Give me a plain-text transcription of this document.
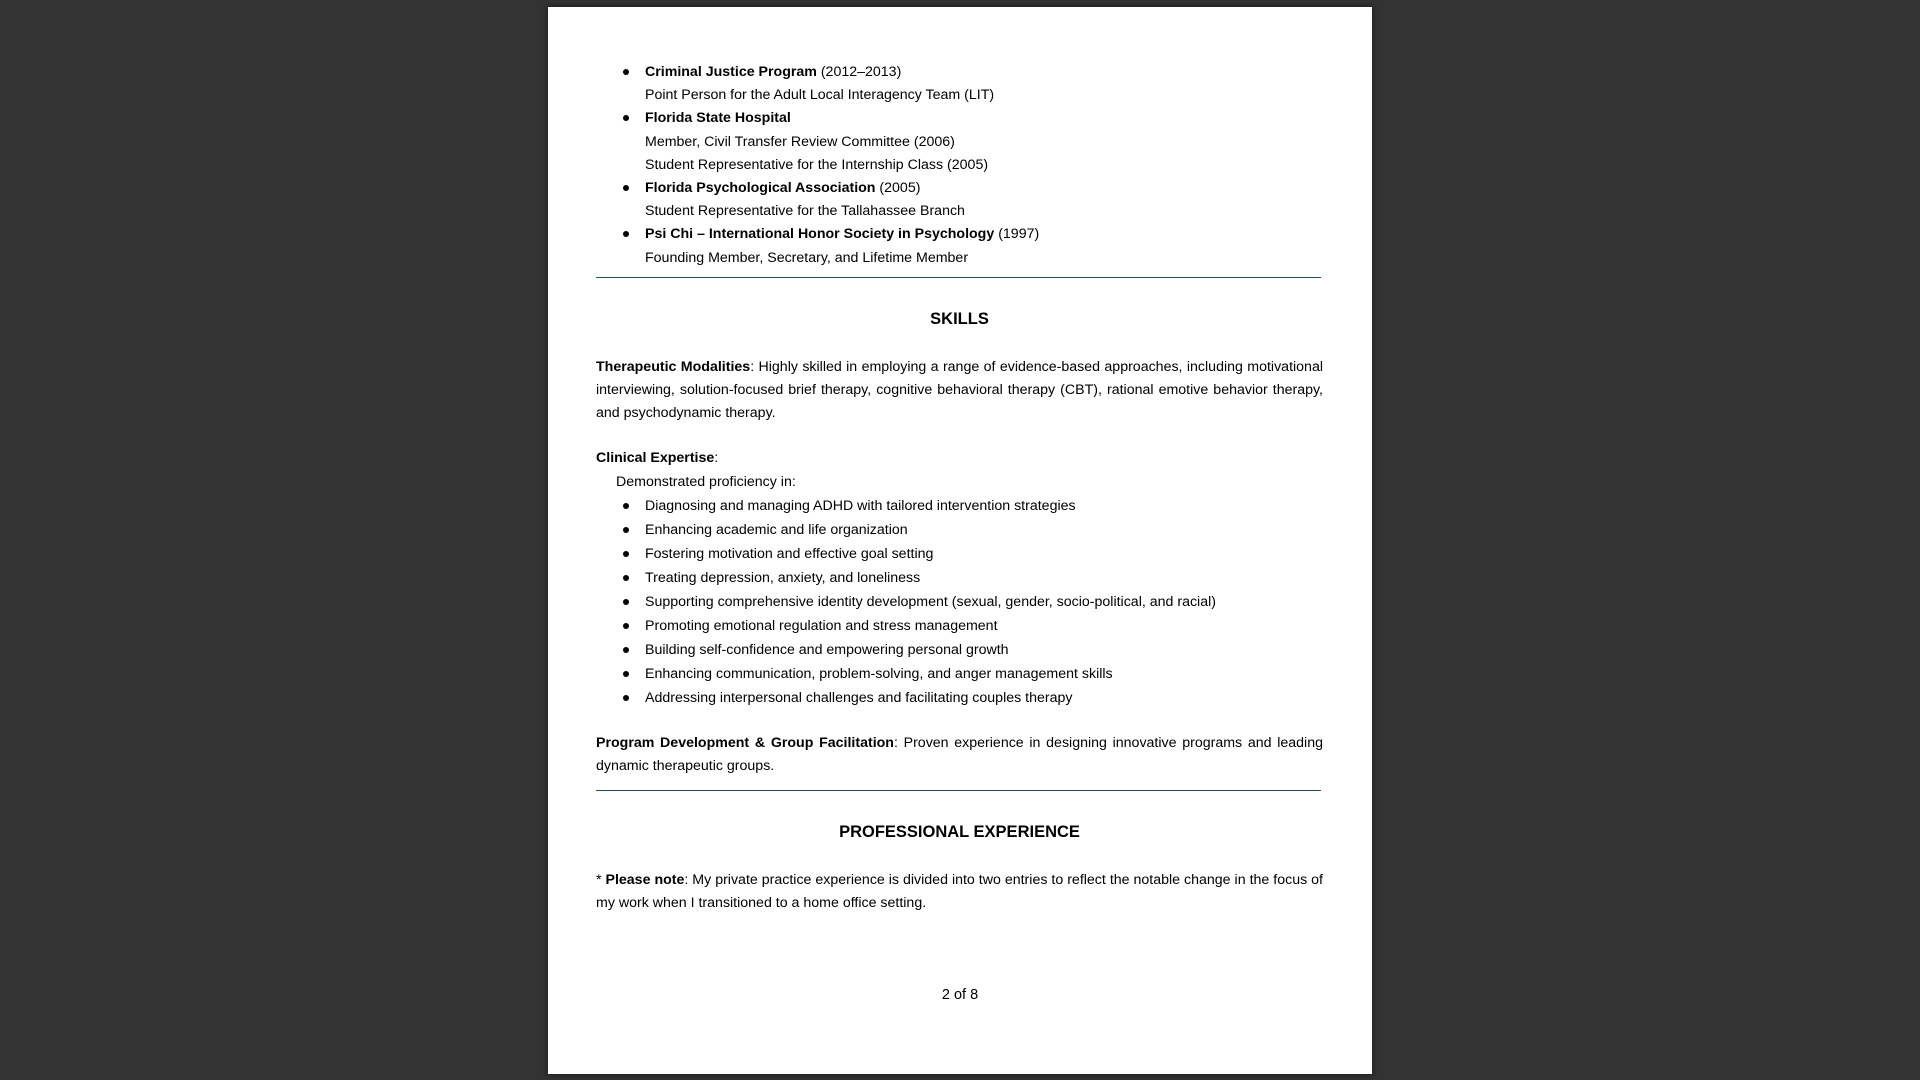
Criminal Justice Program (2012–2013)
Point Person for the Adult Local Interagency Team (LIT)
Florida State Hospital
Member, Civil Transfer Review Committee (2006)
Student Representative for the Internship Class (2005)
Florida Psychological Association (2005)
Student Representative for the Tallahassee Branch
Psi Chi – International Honor Society in Psychology (1997)
Founding Member, Secretary, and Lifetime Member
SKILLS

Therapeutic Modalities: Highly skilled in employing a range of evidence-based approaches, including motivational interviewing, solution-focused brief therapy, cognitive behavioral therapy (CBT), rational emotive behavior therapy, and psychodynamic therapy.

Clinical Expertise:

Demonstrated proficiency in:

Diagnosing and managing ADHD with tailored intervention strategies
Enhancing academic and life organization
Fostering motivation and effective goal setting
Treating depression, anxiety, and loneliness
Supporting comprehensive identity development (sexual, gender, socio-political, and racial)
Promoting emotional regulation and stress management
Building self-confidence and empowering personal growth
Enhancing communication, problem-solving, and anger management skills
Addressing interpersonal challenges and facilitating couples therapy

Program Development & Group Facilitation: Proven experience in designing innovative programs and leading dynamic therapeutic groups.

PROFESSIONAL EXPERIENCE

* Please note: My private practice experience is divided into two entries to reflect the notable change in the focus of my work when I transitioned to a home office setting.

2 of 8
